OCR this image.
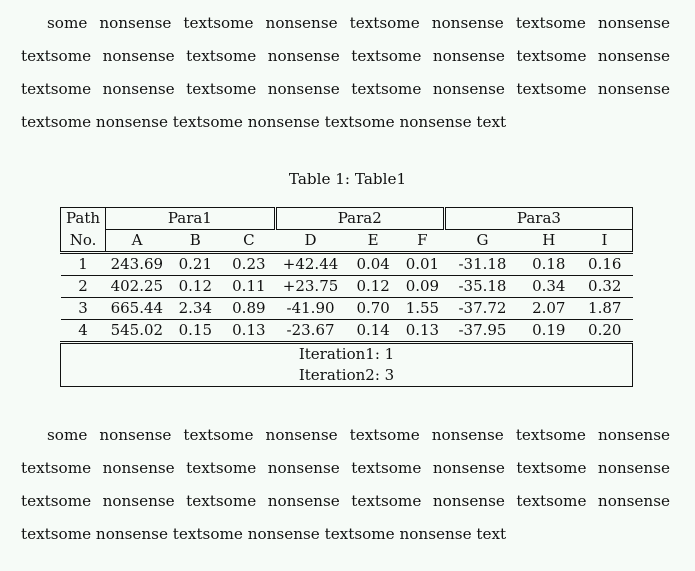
some nonsense textsome nonsense textsome nonsense textsome nonsense textsome nonsense textsome nonsense textsome nonsense textsome nonsense textsome nonsense textsome nonsense textsome nonsense textsome nonsense textsome nonsense textsome nonsense textsome nonsense text

Table 1: Table1
Path	Para1			Para2			Para3		
No.	A	B	C	D	E	F	G	H	I
1	243.69	0.21	0.23	+42.44	0.04	0.01	-31.18	0.18	0.16
2	402.25	0.12	0.11	+23.75	0.12	0.09	-35.18	0.34	0.32
3	665.44	2.34	0.89	-41.90	0.70	1.55	-37.72	2.07	1.87
4	545.02	0.15	0.13	-23.67	0.14	0.13	-37.95	0.19	0.20
Iteration1: 1									
Iteration2: 3									

some nonsense textsome nonsense textsome nonsense textsome nonsense textsome nonsense textsome nonsense textsome nonsense textsome nonsense textsome nonsense textsome nonsense textsome nonsense textsome nonsense textsome nonsense textsome nonsense textsome nonsense text
